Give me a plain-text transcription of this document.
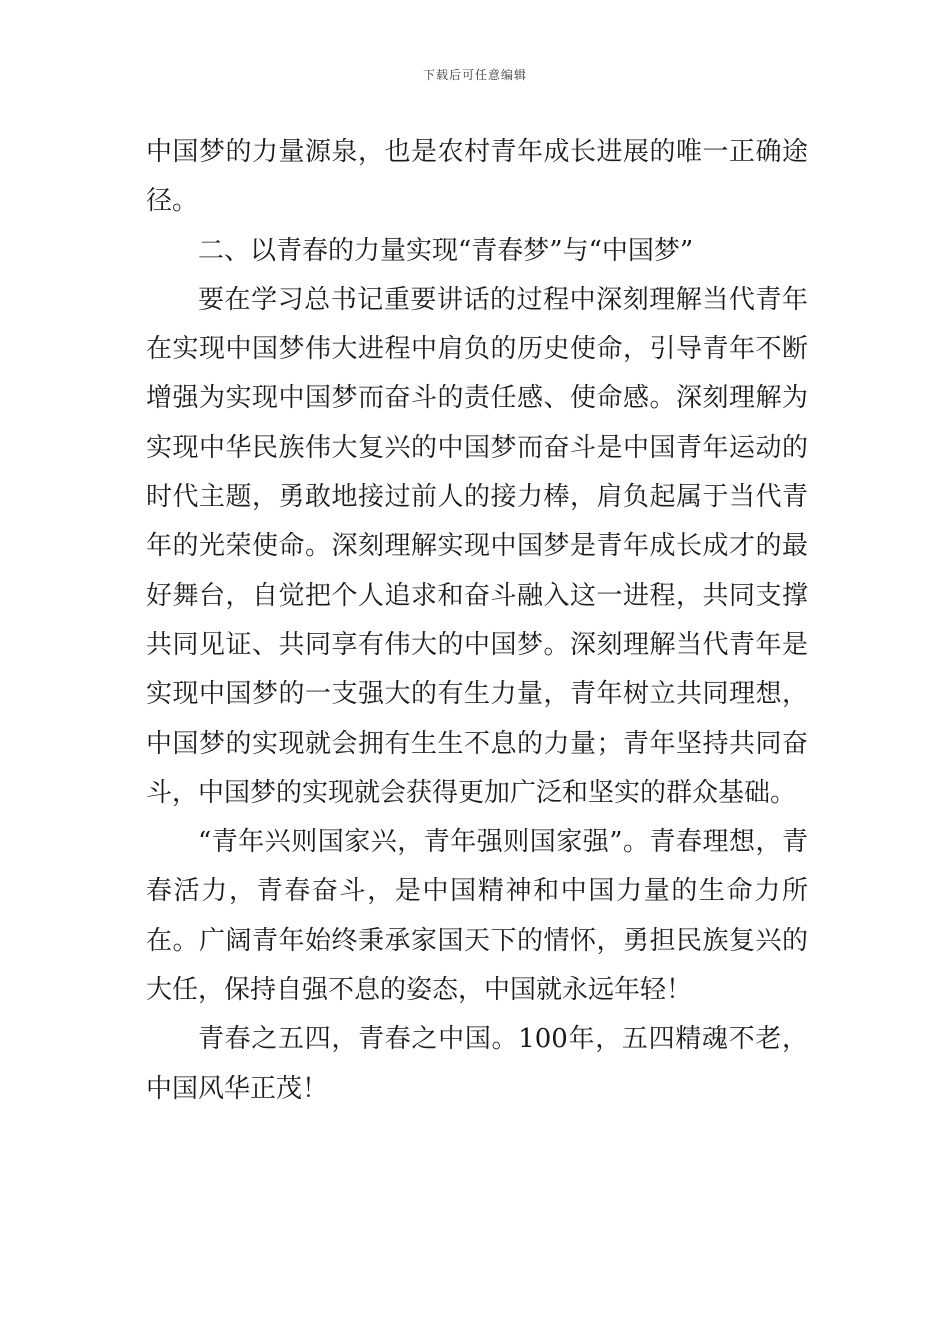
下载后可任意编辑

中国梦的力量源泉，也是农村青年成长进展的唯一正确途径。

二、以青春的力量实现“青春梦”与“中国梦”

要在学习总书记重要讲话的过程中深刻理解当代青年在实现中国梦伟大进程中肩负的历史使命，引导青年不断增强为实现中国梦而奋斗的责任感、使命感。深刻理解为实现中华民族伟大复兴的中国梦而奋斗是中国青年运动的时代主题，勇敢地接过前人的接力棒，肩负起属于当代青年的光荣使命。深刻理解实现中国梦是青年成长成才的最好舞台，自觉把个人追求和奋斗融入这一进程，共同支撑共同见证、共同享有伟大的中国梦。深刻理解当代青年是实现中国梦的一支强大的有生力量，青年树立共同理想，中国梦的实现就会拥有生生不息的力量；青年坚持共同奋斗，中国梦的实现就会获得更加广泛和坚实的群众基础。

“青年兴则国家兴，青年强则国家强”。青春理想，青春活力，青春奋斗，是中国精神和中国力量的生命力所在。广阔青年始终秉承家国天下的情怀，勇担民族复兴的大任，保持自强不息的姿态，中国就永远年轻！

青春之五四，青春之中国。100年，五四精魂不老，中国风华正茂！
